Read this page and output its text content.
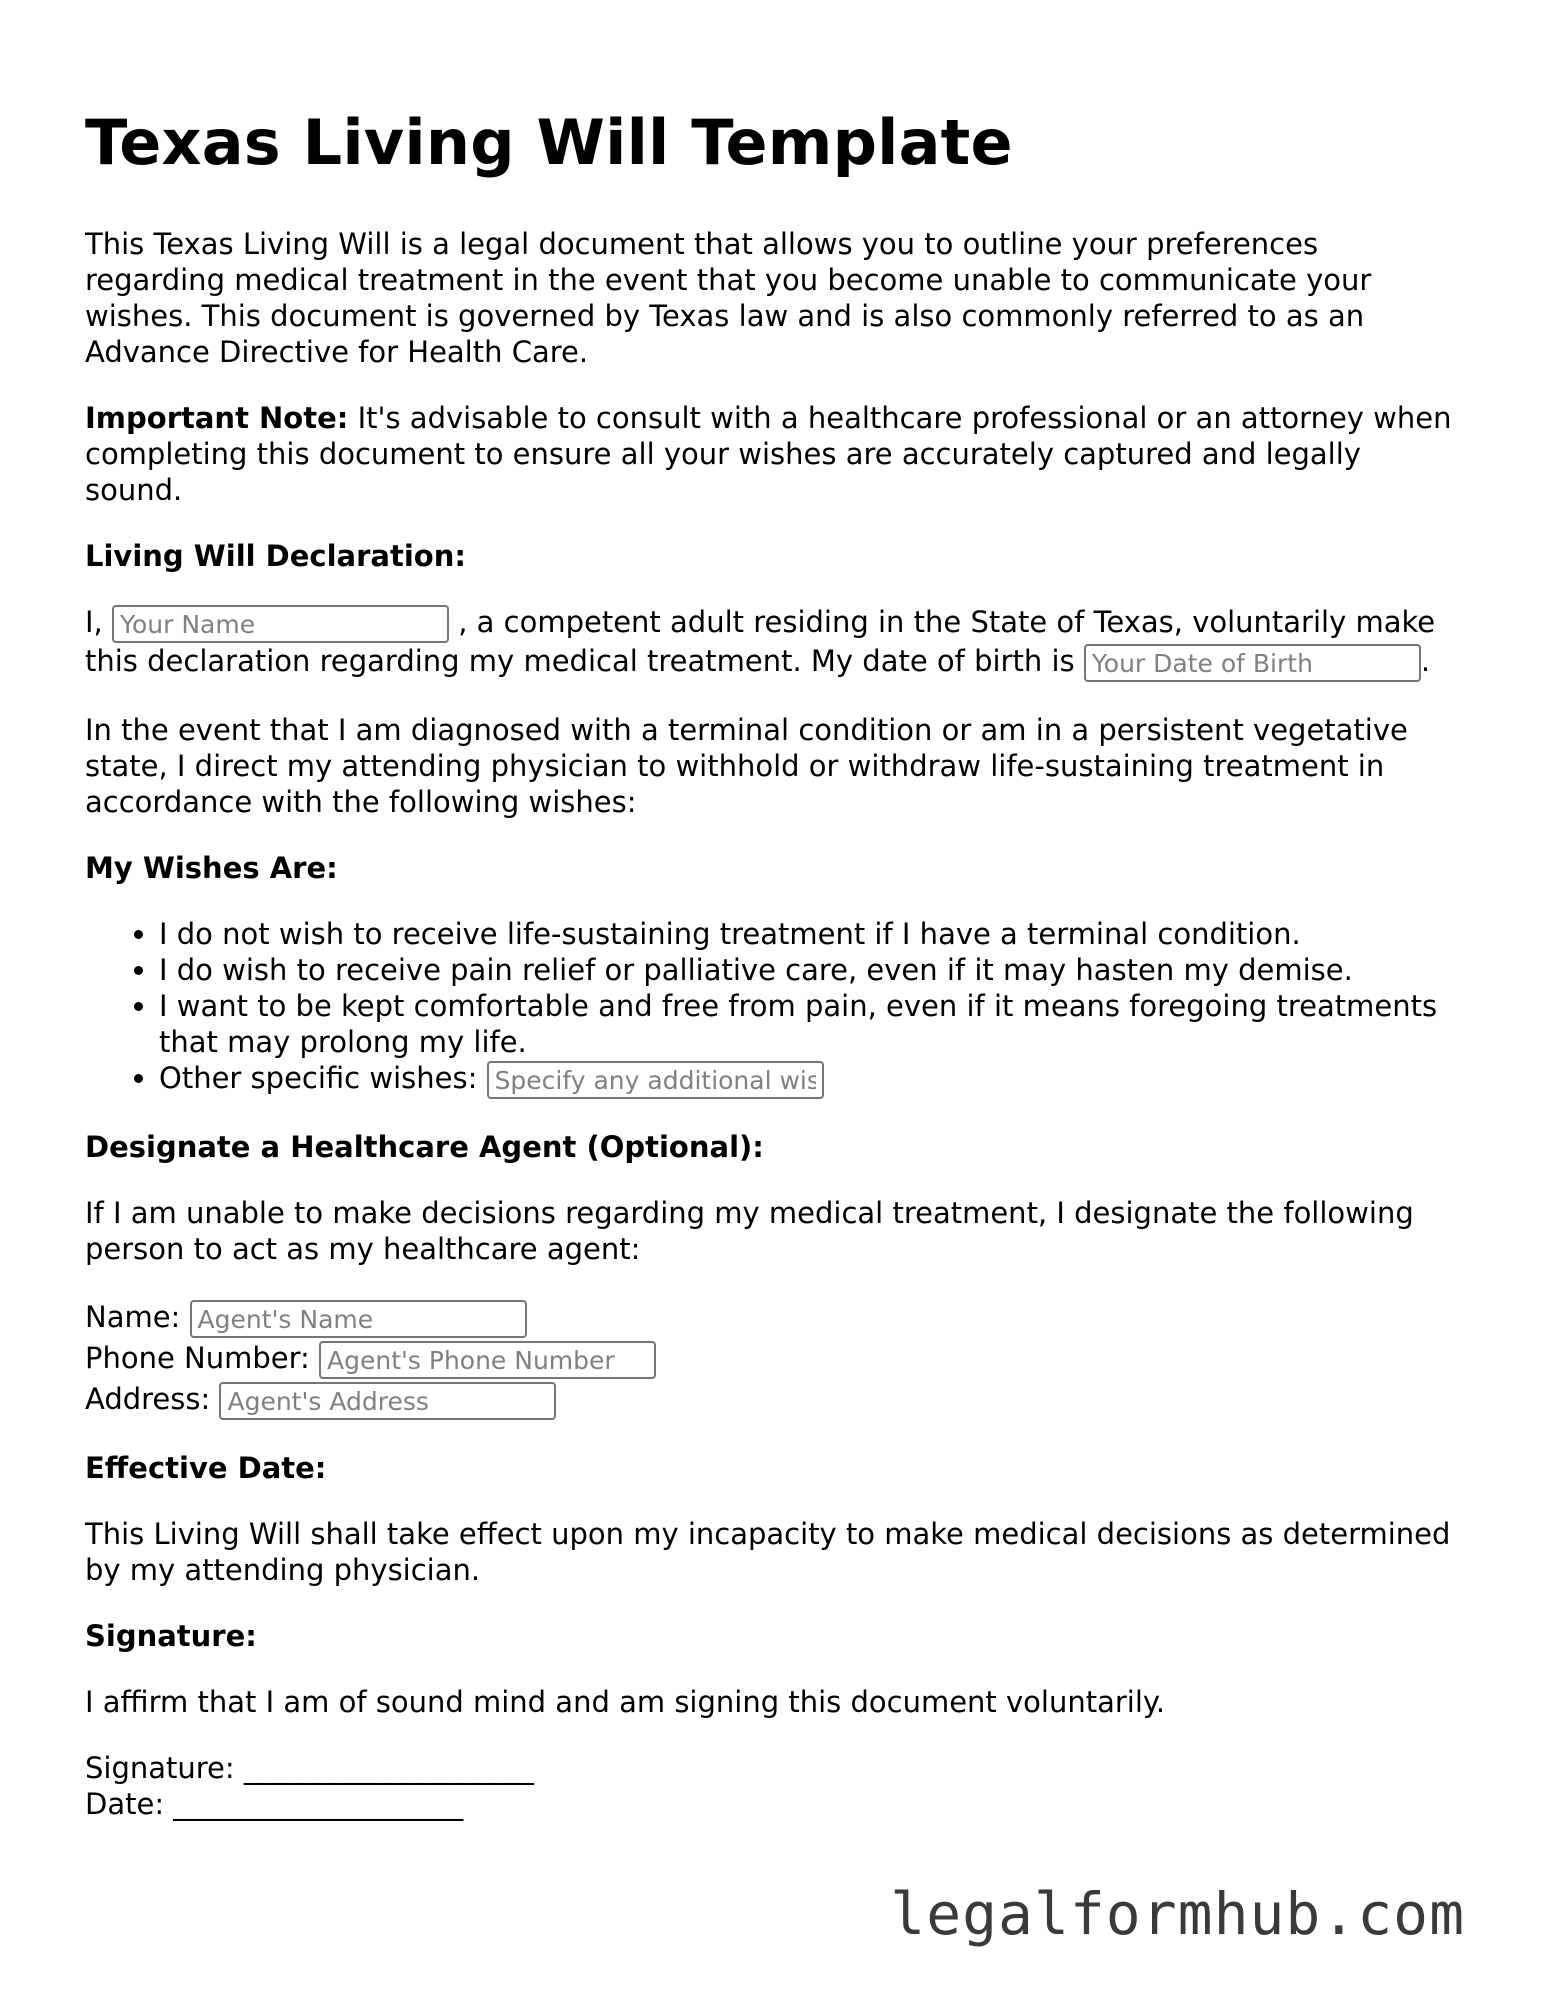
Texas Living Will Template

This Texas Living Will is a legal document that allows you to outline your preferences regarding medical treatment in the event that you become unable to communicate your wishes. This document is governed by Texas law and is also commonly referred to as an Advance Directive for Health Care.

Important Note: It's advisable to consult with a healthcare professional or an attorney when completing this document to ensure all your wishes are accurately captured and legally sound.

Living Will Declaration:

I, Your Name	, a competent adult residing in the State of Texas, voluntarily make this declaration regarding my medical treatment. My date of birth is Your Date of Birth	.

In the event that I am diagnosed with a terminal condition or am in a persistent vegetative state, I direct my attending physician to withhold or withdraw life-sustaining treatment in accordance with the following wishes:

My Wishes Are:
• I do not wish to receive life-sustaining treatment if I have a terminal condition.
• I do wish to receive pain relief or palliative care, even if it may hasten my demise.
• I want to be kept comfortable and free from pain, even if it means foregoing treatments that may prolong my life.
• Other specific wishes: Specify any additional wishes
Designate a Healthcare Agent (Optional):

If I am unable to make decisions regarding my medical treatment, I designate the following person to act as my healthcare agent:

Name: Agent's Name
Phone Number: Agent's Phone Number
Address: Agent's Address
Effective Date:

This Living Will shall take effect upon my incapacity to make medical decisions as determined by my attending physician.

Signature:

I affirm that I am of sound mind and am signing this document voluntarily.

Signature: ____________________
Date: ____________________
legalformhub.com
